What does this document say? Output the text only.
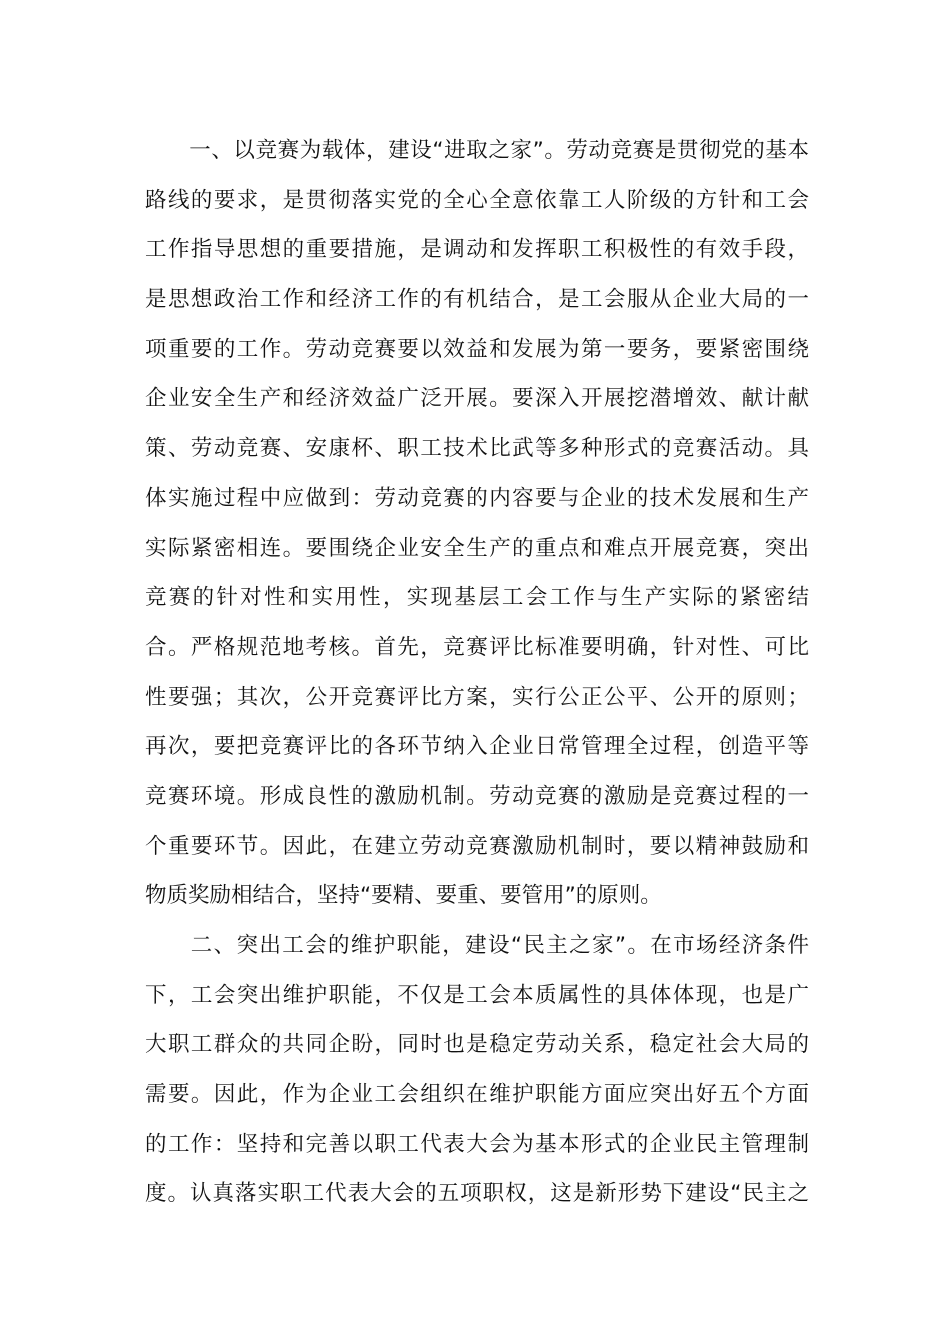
　　一、以竞赛为载体，建设“进取之家”。劳动竞赛是贯彻党的基本
路线的要求，是贯彻落实党的全心全意依靠工人阶级的方针和工会
工作指导思想的重要措施，是调动和发挥职工积极性的有效手段，
是思想政治工作和经济工作的有机结合，是工会服从企业大局的一
项重要的工作。劳动竞赛要以效益和发展为第一要务，要紧密围绕
企业安全生产和经济效益广泛开展。要深入开展挖潜增效、献计献
策、劳动竞赛、安康杯、职工技术比武等多种形式的竞赛活动。具
体实施过程中应做到：劳动竞赛的内容要与企业的技术发展和生产
实际紧密相连。要围绕企业安全生产的重点和难点开展竞赛，突出
竞赛的针对性和实用性，实现基层工会工作与生产实际的紧密结
合。严格规范地考核。首先，竞赛评比标准要明确，针对性、可比
性要强；其次，公开竞赛评比方案，实行公正公平、公开的原则；
再次，要把竞赛评比的各环节纳入企业日常管理全过程，创造平等
竞赛环境。形成良性的激励机制。劳动竞赛的激励是竞赛过程的一
个重要环节。因此，在建立劳动竞赛激励机制时，要以精神鼓励和
物质奖励相结合，坚持“要精、要重、要管用”的原则。
　　二、突出工会的维护职能，建设“民主之家”。在市场经济条件
下，工会突出维护职能，不仅是工会本质属性的具体体现，也是广
大职工群众的共同企盼，同时也是稳定劳动关系，稳定社会大局的
需要。因此，作为企业工会组织在维护职能方面应突出好五个方面
的工作：坚持和完善以职工代表大会为基本形式的企业民主管理制
度。认真落实职工代表大会的五项职权，这是新形势下建设“民主之
